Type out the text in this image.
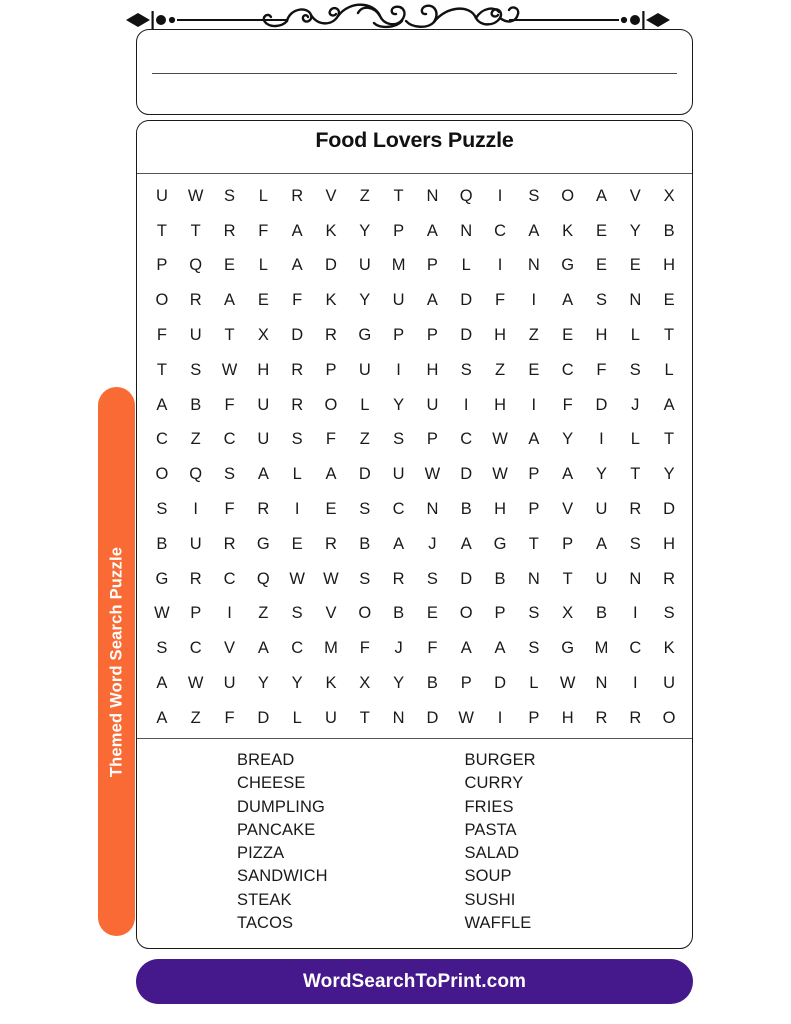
Food Lovers Puzzle
U	W	S	L	R	V	Z	T	N	Q	I	S	O	A	V	X
T	T	R	F	A	K	Y	P	A	N	C	A	K	E	Y	B
P	Q	E	L	A	D	U	M	P	L	I	N	G	E	E	H
O	R	A	E	F	K	Y	U	A	D	F	I	A	S	N	E
F	U	T	X	D	R	G	P	P	D	H	Z	E	H	L	T
T	S	W	H	R	P	U	I	H	S	Z	E	C	F	S	L
A	B	F	U	R	O	L	Y	U	I	H	I	F	D	J	A
C	Z	C	U	S	F	Z	S	P	C	W	A	Y	I	L	T
O	Q	S	A	L	A	D	U	W	D	W	P	A	Y	T	Y
S	I	F	R	I	E	S	C	N	B	H	P	V	U	R	D
B	U	R	G	E	R	B	A	J	A	G	T	P	A	S	H
G	R	C	Q	W	W	S	R	S	D	B	N	T	U	N	R
W	P	I	Z	S	V	O	B	E	O	P	S	X	B	I	S
S	C	V	A	C	M	F	J	F	A	A	S	G	M	C	K
A	W	U	Y	Y	K	X	Y	B	P	D	L	W	N	I	U
A	Z	F	D	L	U	T	N	D	W	I	P	H	R	R	O
BREAD
CHEESE
DUMPLING
PANCAKE
PIZZA
SANDWICH
STEAK
TACOS
BURGER
CURRY
FRIES
PASTA
SALAD
SOUP
SUSHI
WAFFLE
Themed Word Search Puzzle
WordSearchToPrint.com
